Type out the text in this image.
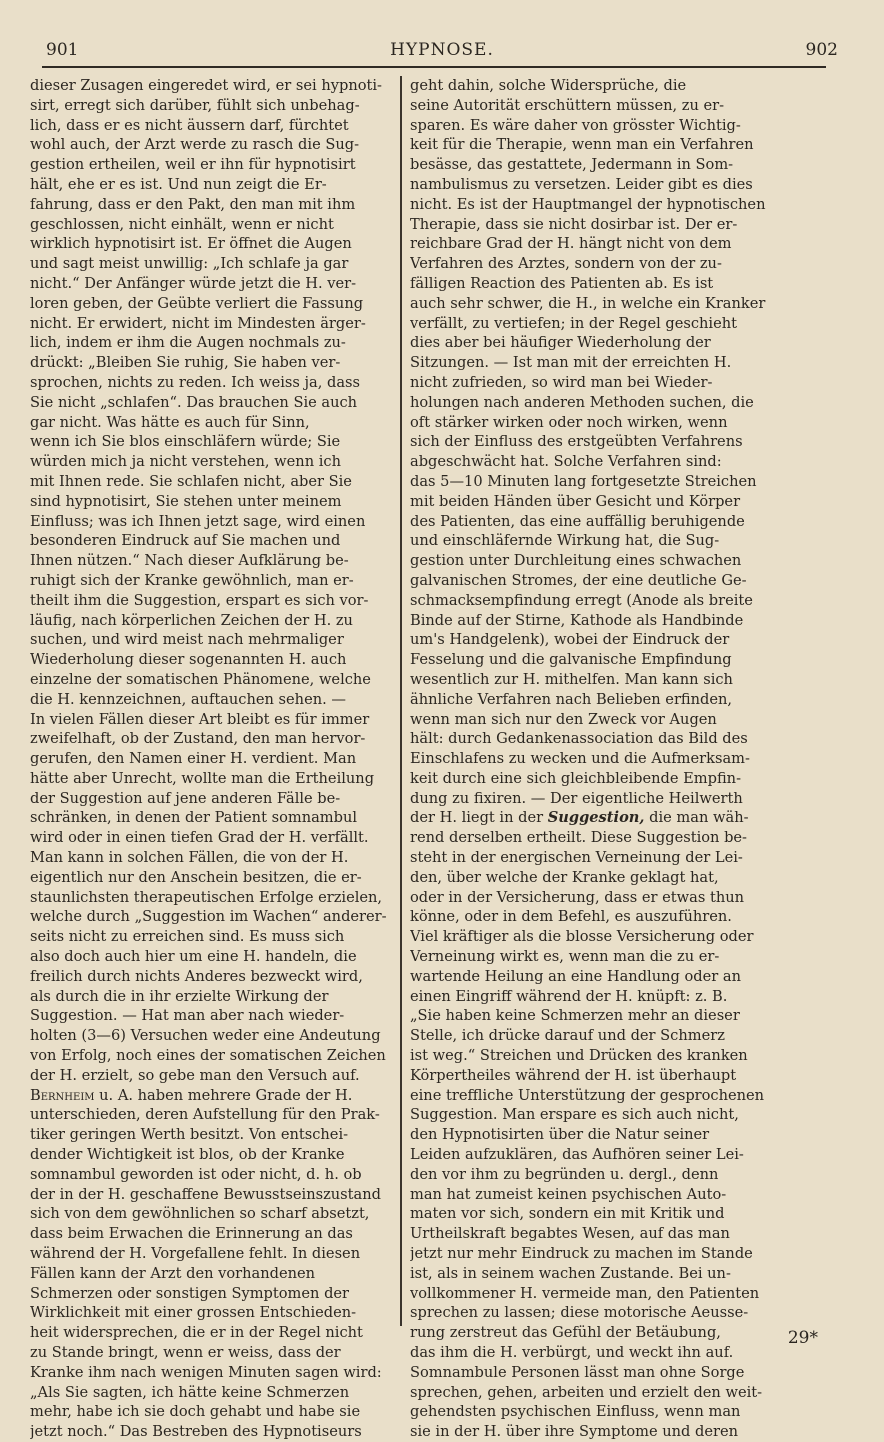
901	HYPNOSE.	902
dieser Zusagen eingeredet wird, er sei hypnoti-
sirt, erregt sich darüber, fühlt sich unbehag-
lich, dass er es nicht äussern darf, fürchtet
wohl auch, der Arzt werde zu rasch die Sug-
gestion ertheilen, weil er ihn für hypnotisirt
hält, ehe er es ist. Und nun zeigt die Er-
fahrung, dass er den Pakt, den man mit ihm
geschlossen, nicht einhält, wenn er nicht
wirklich hypnotisirt ist. Er öffnet die Augen
und sagt meist unwillig: „Ich schlafe ja gar
nicht.“ Der Anfänger würde jetzt die H. ver-
loren geben, der Geübte verliert die Fassung
nicht. Er erwidert, nicht im Mindesten ärger-
lich, indem er ihm die Augen nochmals zu-
drückt: „Bleiben Sie ruhig, Sie haben ver-
sprochen, nichts zu reden. Ich weiss ja, dass
Sie nicht „schlafen“. Das brauchen Sie auch
gar nicht. Was hätte es auch für Sinn,
wenn ich Sie blos einschläfern würde; Sie
würden mich ja nicht verstehen, wenn ich
mit Ihnen rede. Sie schlafen nicht, aber Sie
sind hypnotisirt, Sie stehen unter meinem
Einfluss; was ich Ihnen jetzt sage, wird einen
besonderen Eindruck auf Sie machen und
Ihnen nützen.“ Nach dieser Aufklärung be-
ruhigt sich der Kranke gewöhnlich, man er-
theilt ihm die Suggestion, erspart es sich vor-
läufig, nach körperlichen Zeichen der H. zu
suchen, und wird meist nach mehrmaliger
Wiederholung dieser sogenannten H. auch
einzelne der somatischen Phänomene, welche
die H. kennzeichnen, auftauchen sehen. —
In vielen Fällen dieser Art bleibt es für immer
zweifelhaft, ob der Zustand, den man hervor-
gerufen, den Namen einer H. verdient. Man
hätte aber Unrecht, wollte man die Ertheilung
der Suggestion auf jene anderen Fälle be-
schränken, in denen der Patient somnambul
wird oder in einen tiefen Grad der H. verfällt.
Man kann in solchen Fällen, die von der H.
eigentlich nur den Anschein besitzen, die er-
staunlichsten therapeutischen Erfolge erzielen,
welche durch „Suggestion im Wachen“ anderer-
seits nicht zu erreichen sind. Es muss sich
also doch auch hier um eine H. handeln, die
freilich durch nichts Anderes bezweckt wird,
als durch die in ihr erzielte Wirkung der
Suggestion. — Hat man aber nach wieder-
holten (3—6) Versuchen weder eine Andeutung
von Erfolg, noch eines der somatischen Zeichen
der H. erzielt, so gebe man den Versuch auf.
Bernheim u. A. haben mehrere Grade der H.
unterschieden, deren Aufstellung für den Prak-
tiker geringen Werth besitzt. Von entschei-
dender Wichtigkeit ist blos, ob der Kranke
somnambul geworden ist oder nicht, d. h. ob
der in der H. geschaffene Bewusstseinszustand
sich von dem gewöhnlichen so scharf absetzt,
dass beim Erwachen die Erinnerung an das
während der H. Vorgefallene fehlt. In diesen
Fällen kann der Arzt den vorhandenen
Schmerzen oder sonstigen Symptomen der
Wirklichkeit mit einer grossen Entschieden-
heit widersprechen, die er in der Regel nicht
zu Stande bringt, wenn er weiss, dass der
Kranke ihm nach wenigen Minuten sagen wird:
„Als Sie sagten, ich hätte keine Schmerzen
mehr, habe ich sie doch gehabt und habe sie
jetzt noch.“ Das Bestreben des Hypnotiseurs
geht dahin, solche Widersprüche, die
seine Autorität erschüttern müssen, zu er-
sparen. Es wäre daher von grösster Wichtig-
keit für die Therapie, wenn man ein Verfahren
besässe, das gestattete, Jedermann in Som-
nambulismus zu versetzen. Leider gibt es dies
nicht. Es ist der Hauptmangel der hypnotischen
Therapie, dass sie nicht dosirbar ist. Der er-
reichbare Grad der H. hängt nicht von dem
Verfahren des Arztes, sondern von der zu-
fälligen Reaction des Patienten ab. Es ist
auch sehr schwer, die H., in welche ein Kranker
verfällt, zu vertiefen; in der Regel geschieht
dies aber bei häufiger Wiederholung der
Sitzungen. — Ist man mit der erreichten H.
nicht zufrieden, so wird man bei Wieder-
holungen nach anderen Methoden suchen, die
oft stärker wirken oder noch wirken, wenn
sich der Einfluss des erstgeübten Verfahrens
abgeschwächt hat. Solche Verfahren sind:
das 5—10 Minuten lang fortgesetzte Streichen
mit beiden Händen über Gesicht und Körper
des Patienten, das eine auffällig beruhigende
und einschläfernde Wirkung hat, die Sug-
gestion unter Durchleitung eines schwachen
galvanischen Stromes, der eine deutliche Ge-
schmacksempfindung erregt (Anode als breite
Binde auf der Stirne, Kathode als Handbinde
um's Handgelenk), wobei der Eindruck der
Fesselung und die galvanische Empfindung
wesentlich zur H. mithelfen. Man kann sich
ähnliche Verfahren nach Belieben erfinden,
wenn man sich nur den Zweck vor Augen
hält: durch Gedankenassociation das Bild des
Einschlafens zu wecken und die Aufmerksam-
keit durch eine sich gleichbleibende Empfin-
dung zu fixiren. — Der eigentliche Heilwerth
der H. liegt in der Suggestion, die man wäh-
rend derselben ertheilt. Diese Suggestion be-
steht in der energischen Verneinung der Lei-
den, über welche der Kranke geklagt hat,
oder in der Versicherung, dass er etwas thun
könne, oder in dem Befehl, es auszuführen.
Viel kräftiger als die blosse Versicherung oder
Verneinung wirkt es, wenn man die zu er-
wartende Heilung an eine Handlung oder an
einen Eingriff während der H. knüpft: z. B.
„Sie haben keine Schmerzen mehr an dieser
Stelle, ich drücke darauf und der Schmerz
ist weg.“ Streichen und Drücken des kranken
Körpertheiles während der H. ist überhaupt
eine treffliche Unterstützung der gesprochenen
Suggestion. Man erspare es sich auch nicht,
den Hypnotisirten über die Natur seiner
Leiden aufzuklären, das Aufhören seiner Lei-
den vor ihm zu begründen u. dergl., denn
man hat zumeist keinen psychischen Auto-
maten vor sich, sondern ein mit Kritik und
Urtheilskraft begabtes Wesen, auf das man
jetzt nur mehr Eindruck zu machen im Stande
ist, als in seinem wachen Zustande. Bei un-
vollkommener H. vermeide man, den Patienten
sprechen zu lassen; diese motorische Aeusse-
rung zerstreut das Gefühl der Betäubung,
das ihm die H. verbürgt, und weckt ihn auf.
Somnambule Personen lässt man ohne Sorge
sprechen, gehen, arbeiten und erzielt den weit-
gehendsten psychischen Einfluss, wenn man
sie in der H. über ihre Symptome und deren
29*
